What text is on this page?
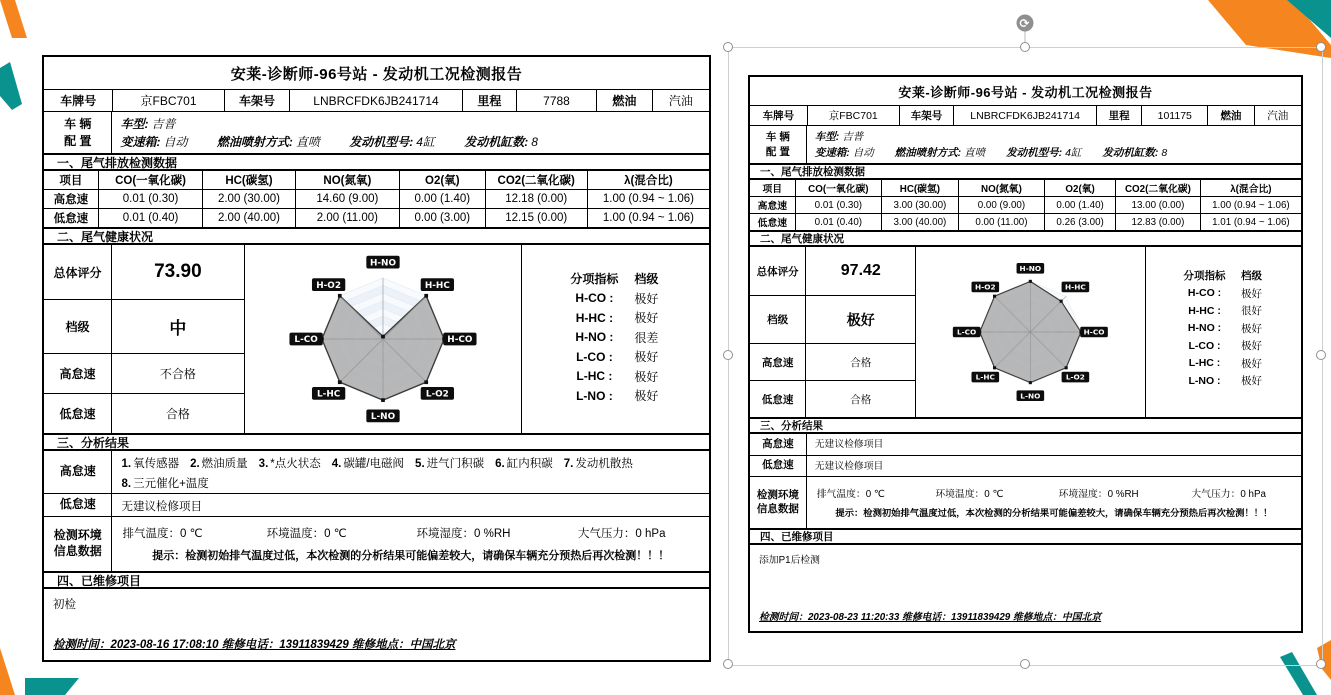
安莱-诊断师-96号站 - 发动机工况检测报告
车牌号	京FBC701	车架号	LNBRCFDK6JB241714	里程	7788	燃油	汽油
车 辆
配 置
车型: 吉普
变速箱: 自动 燃油喷射方式: 直喷 发动机型号: 4缸 发动机缸数: 8
一、尾气排放检测数据
项目	CO(一氧化碳)	HC(碳氢)	NO(氮氧)	O2(氧)	CO2(二氧化碳)	λ(混合比)
高怠速	0.01 (0.30)	2.00 (30.00)	14.60 (9.00)	0.00 (1.40)	12.18 (0.00)	1.00 (0.94 ~ 1.06)
低怠速	0.01 (0.40)	2.00 (40.00)	2.00 (11.00)	0.00 (3.00)	12.15 (0.00)	1.00 (0.94 ~ 1.06)
二、尾气健康状况
总体评分	73.90
档级	中
高怠速	不合格
低怠速	合格
H-NO
H-HC
H-CO
L-O2
L-NO
L-HC
L-CO
H-O2	分项指标	档级
H-CO :	极好
H-HC :	极好
H-NO :	很差
L-CO :	极好
L-HC :	极好
L-NO :	极好
三、分析结果
高怠速
1. 氧传感器 2. 燃油质量 3. *点火状态 4. 碳罐/电磁阀 5. 进气门积碳 6. 缸内积碳 7. 发动机散热
8. 三元催化+温度
低怠速	无建议检修项目
检测环境
信息数据
排气温度：0 ℃	环境温度：0 ℃	环境湿度：0 %RH	大气压力：0 hPa
提示：检测初始排气温度过低，本次检测的分析结果可能偏差较大，请确保车辆充分预热后再次检测！！！
四、已维修项目
初检
检测时间：2023-08-16 17:08:10 维修电话：13911839429 维修地点：中国北京
⟳
安莱-诊断师-96号站 - 发动机工况检测报告
车牌号	京FBC701	车架号	LNBRCFDK6JB241714	里程	101175	燃油	汽油
车 辆
配 置
车型: 吉普
变速箱: 自动 燃油喷射方式: 直喷 发动机型号: 4缸 发动机缸数: 8
一、尾气排放检测数据
项目	CO(一氧化碳)	HC(碳氢)	NO(氮氧)	O2(氧)	CO2(二氧化碳)	λ(混合比)
高怠速	0.01 (0.30)	3.00 (30.00)	0.00 (9.00)	0.00 (1.40)	13.00 (0.00)	1.00 (0.94 ~ 1.06)
低怠速	0.01 (0.40)	3.00 (40.00)	0.00 (11.00)	0.26 (3.00)	12.83 (0.00)	1.01 (0.94 ~ 1.06)
二、尾气健康状况
总体评分	97.42
档级	极好
高怠速	合格
低怠速	合格
H-NO
H-HC
H-CO
L-O2
L-NO
L-HC
L-CO
H-O2
分项指标	档级
H-CO :	极好
H-HC :	很好
H-NO :	极好
L-CO :	极好
L-HC :	极好
L-NO :	极好
三、分析结果
高怠速	无建议检修项目
低怠速	无建议检修项目
检测环境
信息数据
排气温度：0 ℃	环境温度：0 ℃	环境湿度：0 %RH	大气压力：0 hPa
提示：检测初始排气温度过低，本次检测的分析结果可能偏差较大，请确保车辆充分预热后再次检测！！！
四、已维修项目
添加P1后检测
检测时间：2023-08-23 11:20:33 维修电话：13911839429 维修地点：中国北京
